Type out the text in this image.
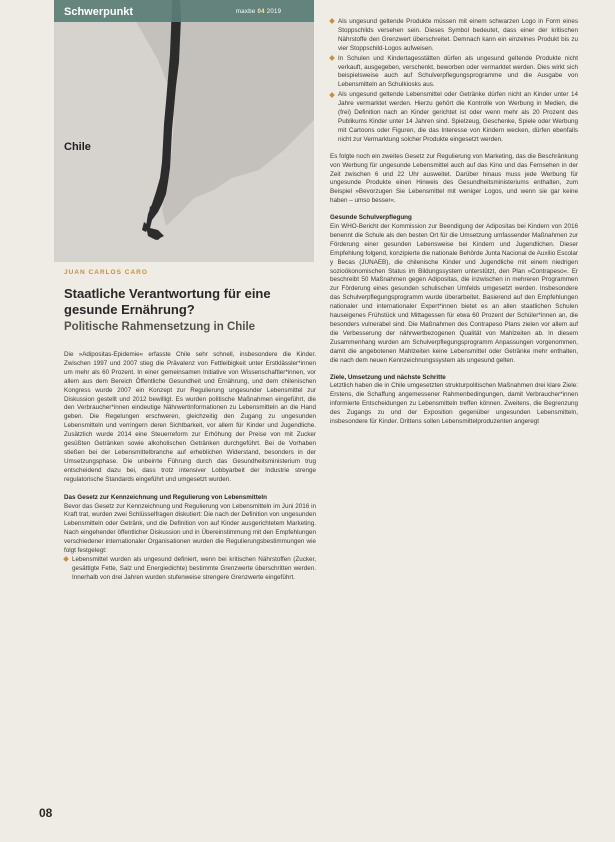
Schwerpunkt	maxbe 04 2019
Chile
JUAN CARLOS CARO
Staatliche Verantwortung für eine gesunde Ernährung?
Politische Rahmensetzung in Chile

Die »Adipositas-Epidemie« erfasste Chile sehr schnell, insbesondere die Kinder. Zwischen 1997 und 2007 stieg die Prävalenz von Fettleibigkeit unter Erstklässler*innen um mehr als 60 Prozent. In einer gemeinsamen Initiative von Wissenschaftler*innen, vor allem aus dem Bereich Öffentliche Gesundheit und Ernährung, und dem chilenischen Kongress wurde 2007 ein Konzept zur Regulierung ungesunder Lebensmittel zur Diskussion gestellt und 2012 bewilligt. Es wurden politische Maßnahmen eingeführt, die den Verbraucher*innen eindeutige Nährwertinformationen zu Lebensmitteln an die Hand geben. Die Regelungen erschweren, gleichzeitig den Zugang zu ungesunden Lebensmitteln und verringern deren Sichtbarkeit, vor allem für Kinder und Jugendliche. Zusätzlich wurde 2014 eine Steuerreform zur Erhöhung der Preise von mit Zucker gesüßten Getränken sowie alkoholischen Getränken durchgeführt. Bei de Vorhaben stießen bei der Lebensmittelbranche auf erheblichen Widerstand, besonders in der Umsetzungsphase. Die unbeirrte Führung durch das Gesundheitsministerium trug entscheidend dazu bei, dass trotz intensiver Lobbyarbeit der Industrie strenge regulatorische Standards eingeführt und umgesetzt wurden.

Das Gesetz zur Kennzeichnung und Regulierung von Lebensmitteln

Bevor das Gesetz zur Kennzeichnung und Regulierung von Lebensmitteln im Juni 2016 in Kraft trat, wurden zwei Schlüsselfragen diskutiert: Die nach der Definition von ungesunden Lebensmitteln oder Getränk, und die Definition von auf Kinder ausgerichtetem Marketing. Nach eingehender öffentlicher Diskussion und in Übereinstimmung mit den Empfehlungen verschiedener internationaler Organisationen wurden die Regulierungsbestimmungen wie folgt festgelegt:

Lebensmittel wurden als ungesund definiert, wenn bei kritischen Nährstoffen (Zucker, gesättigte Fette, Salz und Energiedichte) bestimmte Grenzwerte überschritten werden. Innerhalb von drei Jahren wurden stufenweise strengere Grenzwerte eingeführt.

Als ungesund geltende Produkte müssen mit einem schwarzen Logo in Form eines Stoppschilds versehen sein. Dieses Symbol bedeutet, dass einer der kritischen Nährstoffe den Grenzwert überschreitet. Demnach kann ein einzelnes Produkt bis zu vier Stoppschild-Logos aufweisen.

In Schulen und Kindertagesstätten dürfen als ungesund geltende Produkte nicht verkauft, ausgegeben, verschenkt, beworben oder vermarktet werden. Dies wirkt sich beispielsweise auch auf Schulverpflegungsprogramme und die Ausgabe von Lebensmitteln an Schulkiosks aus.

Als ungesund geltende Lebensmittel oder Getränke dürfen nicht an Kinder unter 14 Jahre vermarktet werden. Hierzu gehört die Kontrolle von Werbung in Medien, die (frei) Definition nach an Kinder gerichtet ist oder wenn mehr als 20 Prozent des Publikums Kinder unter 14 Jahren sind. Spielzeug, Geschenke, Spiele oder Werbung mit Cartoons oder Figuren, die das Interesse von Kindern wecken, dürfen ebenfalls nicht zur Vermarktung solcher Produkte eingesetzt werden.

Es folgte noch ein zweites Gesetz zur Regulierung von Marketing, das die Beschränkung von Werbung für ungesunde Lebensmittel auch auf das Kino und das Fernsehen in der Zeit zwischen 6 und 22 Uhr ausweitet. Darüber hinaus muss jede Werbung für ungesunde Produkte einen Hinweis des Gesundheitsministeriums enthalten, zum Beispiel »Bevorzugen Sie Lebensmittel mit weniger Logos, und wenn sie gar keine haben – umso besser«.

Gesunde Schulverpflegung

Ein WHO-Bericht der Kommission zur Beendigung der Adipositas bei Kindern von 2016 benennt die Schule als den besten Ort für die Umsetzung umfassender Maßnahmen zur Förderung einer gesunden Lebensweise bei Kindern und Jugendlichen. Dieser Empfehlung folgend, konzipierte die nationale Behörde Junta Nacional de Auxilio Escolar y Becas (JUNAEB), die chilenische Kinder und Jugendliche mit einem niedrigen sozioökonomischen Status im Bildungssystem unterstützt, den Plan »Contrapeso«. Er beschreibt 50 Maßnahmen gegen Adipositas, die inzwischen in mehreren Programmen zur Förderung eines gesunden schulischen Umfelds umgesetzt werden. Insbesondere das Schulverpflegungsprogramm wurde überarbeitet. Basierend auf den Empfehlungen nationaler und internationaler Expert*innen bietet es an allen staatlichen Schulen hauseigenes Frühstück und Mittagessen für etwa 60 Prozent der Schüler*innen an, die besonders vulnerabel sind. Die Maßnahmen des Contrapeso Plans zielen vor allem auf die Verbesserung der nährwertbezogenen Qualität von Mahlzeiten ab. In diesem Zusammenhang wurden am Schulverpflegungsprogramm Anpassungen vorgenommen, damit die angebotenen Mahlzeiten keine Lebensmittel oder Getränke mehr enthalten, die nach dem neuen Kennzeichnungssystem als ungesund gelten.

Ziele, Umsetzung und nächste Schritte

Letztlich haben die in Chile umgesetzten strukturpolitischen Maßnahmen drei klare Ziele: Erstens, die Schaffung angemessener Rahmenbedingungen, damit Verbraucher*innen informierte Entscheidungen zu Lebensmitteln treffen können. Zweitens, die Begrenzung des Zugangs zu und der Exposition gegenüber ungesunden Lebensmitteln, insbesondere für Kinder. Drittens sollen Lebensmittelproduzenten angeregt

08
